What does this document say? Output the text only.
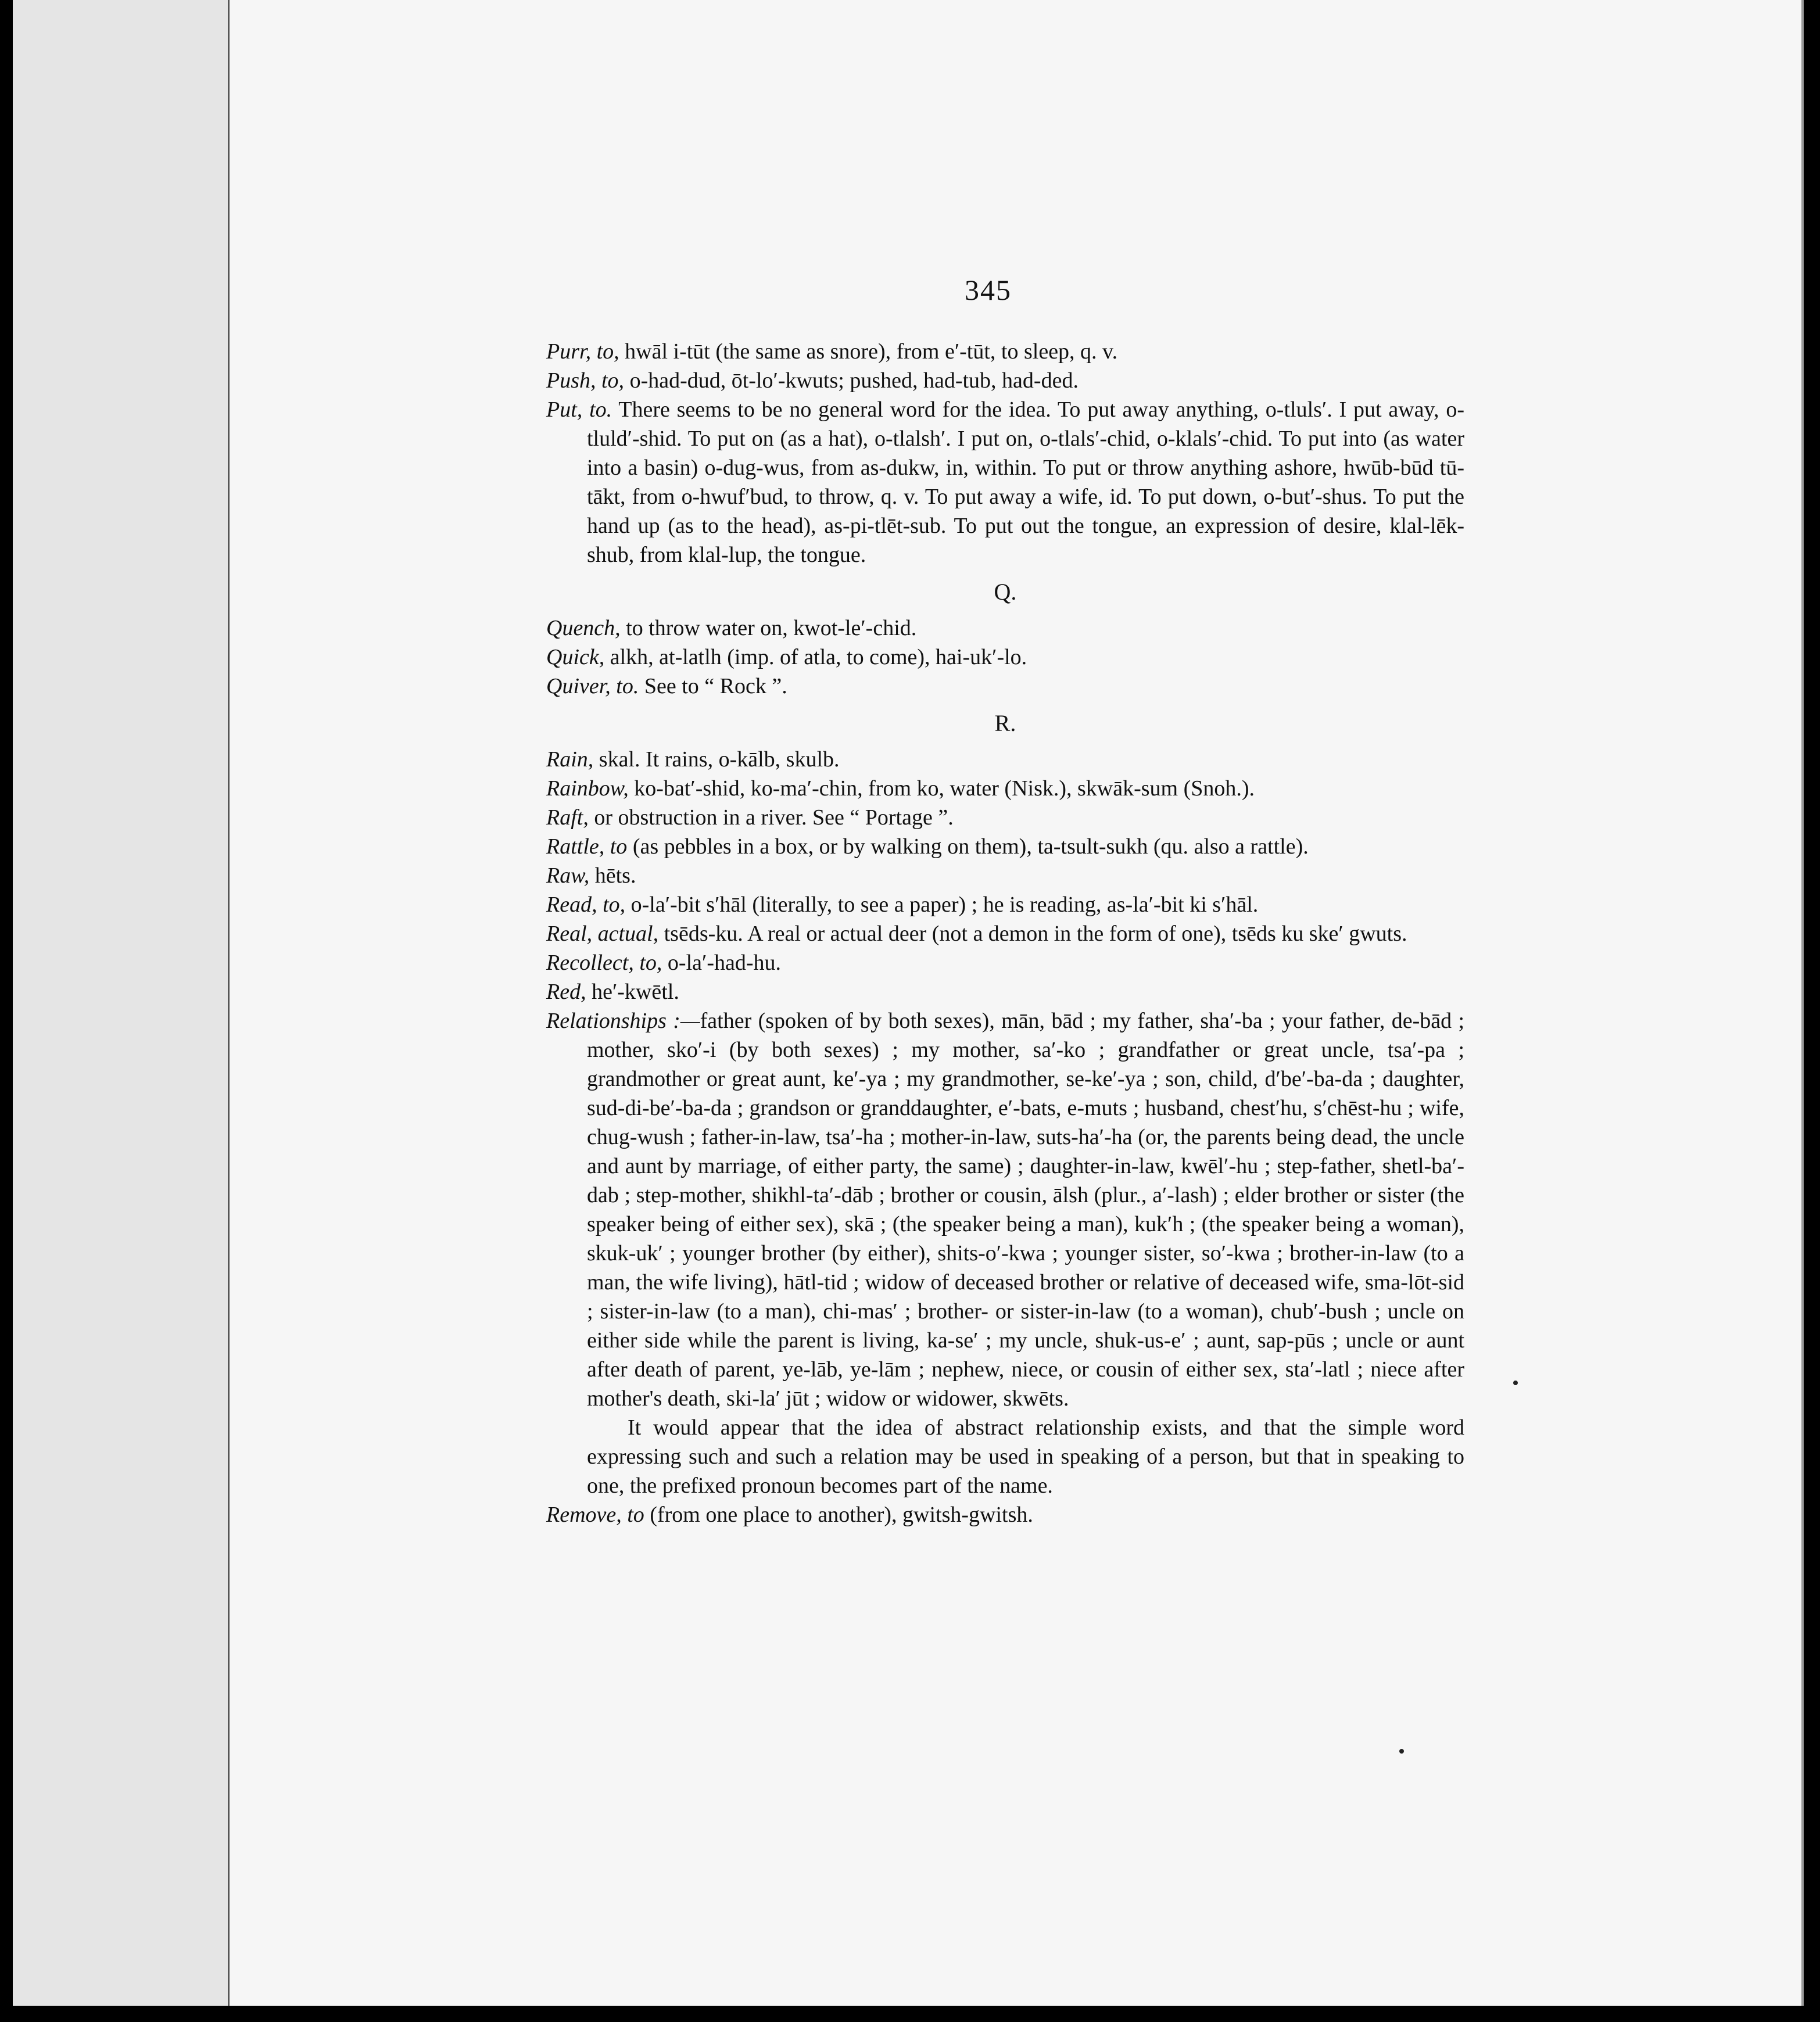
345

Purr, to, hwāl i-tūt (the same as snore), from e′-tūt, to sleep, q. v.

Push, to, o-had-dud, ōt-lo′-kwuts; pushed, had-tub, had-ded.

Put, to. There seems to be no general word for the idea. To put away anything, o-tluls′. I put away, o-tluld′-shid. To put on (as a hat), o-tlalsh′. I put on, o-tlals′-chid, o-klals′-chid. To put into (as water into a basin) o-dug-wus, from as-dukw, in, within. To put or throw anything ashore, hwūb-būd tū-tākt, from o-hwuf′bud, to throw, q. v. To put away a wife, id. To put down, o-but′-shus. To put the hand up (as to the head), as-pi-tlēt-sub. To put out the tongue, an expression of desire, klal-lēk-shub, from klal-lup, the tongue.

Q.

Quench, to throw water on, kwot-le′-chid.

Quick, alkh, at-latlh (imp. of atla, to come), hai-uk′-lo.

Quiver, to. See to “ Rock ”.

R.

Rain, skal. It rains, o-kālb, skulb.

Rainbow, ko-bat′-shid, ko-ma′-chin, from ko, water (Nisk.), skwāk-sum (Snoh.).

Raft, or obstruction in a river. See “ Portage ”.

Rattle, to (as pebbles in a box, or by walking on them), ta-tsult-sukh (qu. also a rattle).

Raw, hēts.

Read, to, o-la′-bit s′hāl (literally, to see a paper) ; he is reading, as-la′-bit ki s′hāl.

Real, actual, tsēds-ku. A real or actual deer (not a demon in the form of one), tsēds ku ske′ gwuts.

Recollect, to, o-la′-had-hu.

Red, he′-kwētl.

Relationships :—father (spoken of by both sexes), mān, bād ; my father, sha′-ba ; your father, de-bād ; mother, sko′-i (by both sexes) ; my mother, sa′-ko ; grandfather or great uncle, tsa′-pa ; grandmother or great aunt, ke′-ya ; my grandmother, se-ke′-ya ; son, child, d′be′-ba-da ; daughter, sud-di-be′-ba-da ; grandson or granddaughter, e′-bats, e-muts ; husband, chest′hu, s′chēst-hu ; wife, chug-wush ; father-in-law, tsa′-ha ; mother-in-law, suts-ha′-ha (or, the parents being dead, the uncle and aunt by marriage, of either party, the same) ; daughter-in-law, kwēl′-hu ; step-father, shetl-ba′-dab ; step-mother, shikhl-ta′-dāb ; brother or cousin, ālsh (plur., a′-lash) ; elder brother or sister (the speaker being of either sex), skā ; (the speaker being a man), kuk′h ; (the speaker being a woman), skuk-uk′ ; younger brother (by either), shits-o′-kwa ; younger sister, so′-kwa ; brother-in-law (to a man, the wife living), hātl-tid ; widow of deceased brother or relative of deceased wife, sma-lōt-sid ; sister-in-law (to a man), chi-mas′ ; brother- or sister-in-law (to a woman), chub′-bush ; uncle on either side while the parent is living, ka-se′ ; my uncle, shuk-us-e′ ; aunt, sap-pūs ; uncle or aunt after death of parent, ye-lāb, ye-lām ; nephew, niece, or cousin of either sex, sta′-latl ; niece after mother's death, ski-la′ jūt ; widow or widower, skwēts.

It would appear that the idea of abstract relationship exists, and that the simple word expressing such and such a relation may be used in speaking of a person, but that in speaking to one, the prefixed pronoun becomes part of the name.

Remove, to (from one place to another), gwitsh-gwitsh.
